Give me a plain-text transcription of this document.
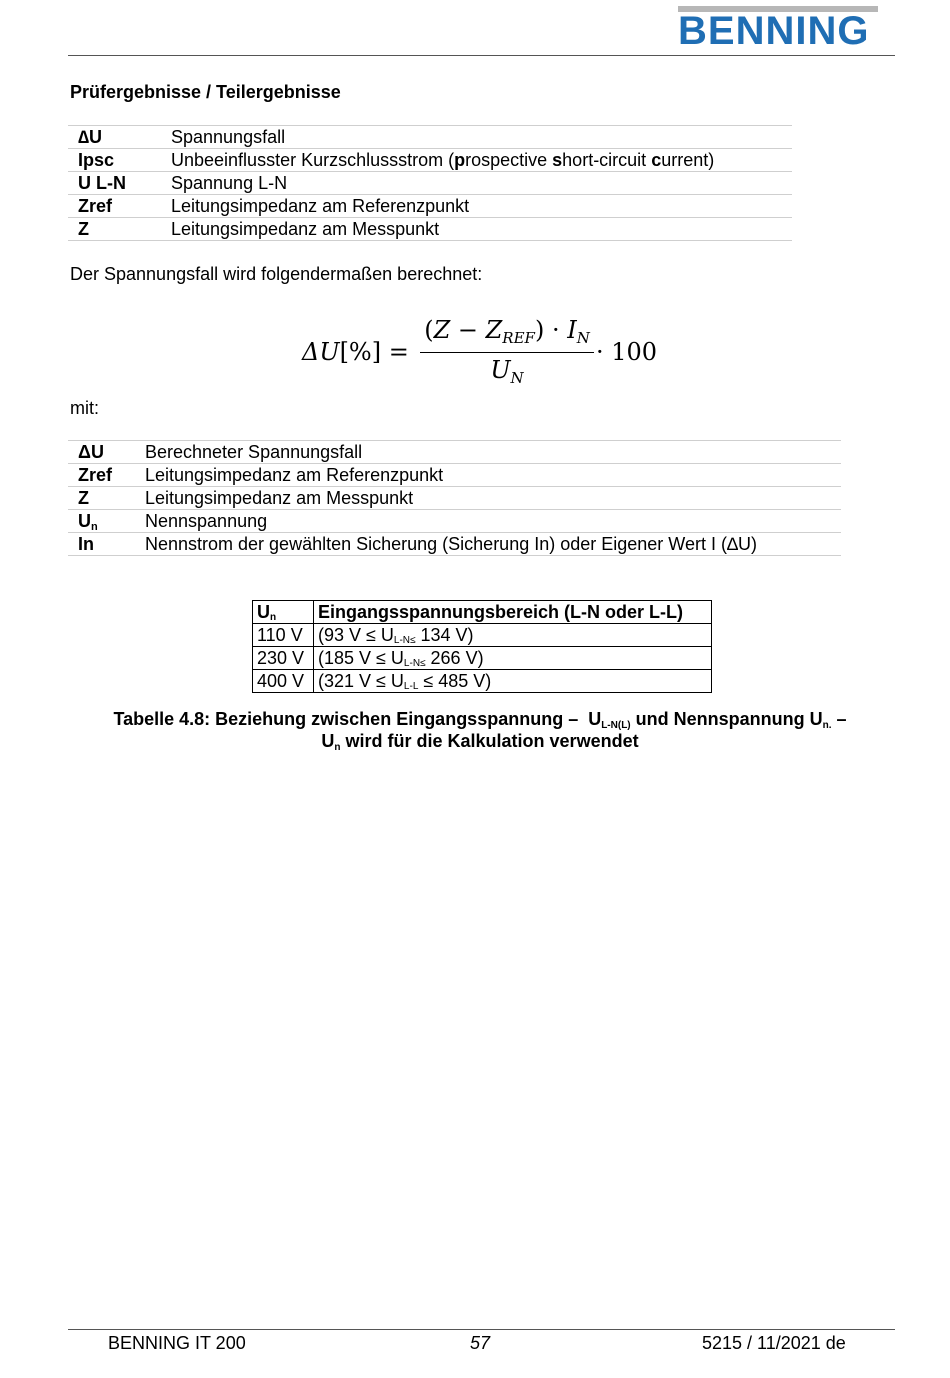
BENNING
Prüfergebnisse / Teilergebnisse
∆U	Spannungsfall
Ipsc	Unbeeinflusster Kurzschlussstrom (prospective short-circuit current)
U L-N	Spannung L-N
Zref	Leitungsimpedanz am Referenzpunkt
Z	Leitungsimpedanz am Messpunkt
Der Spannungsfall wird folgendermaßen berechnet:
ΔU[%] =
$(Z - Z_{REF}) \cdot I_N$
$U_N$
· 100
mit:
ΔU	Berechneter Spannungsfall
Zref	Leitungsimpedanz am Referenzpunkt
Z	Leitungsimpedanz am Messpunkt
$U_n$	Nennspannung
In	Nennstrom der gewählten Sicherung (Sicherung In) oder Eigener Wert I (∆U)
$U_n$	Eingangsspannungsbereich (L-N oder L-L)
110 V	(93 $V \le U_{L-N\le}$ 134 V)
230 V	(185 $V \le U_{L-N\le}$ 266 V)
400 V	(321 $V \le U_{L-L} \le 485$ V)
Tabelle 4.8: Beziehung zwischen Eingangsspannung –  $U_{L-N(L)}$ und Nennspannung $U_{n.}$ –
$U_n$ wird für die Kalkulation verwendet
BENNING IT 200	57	5215 / 11/2021 de
